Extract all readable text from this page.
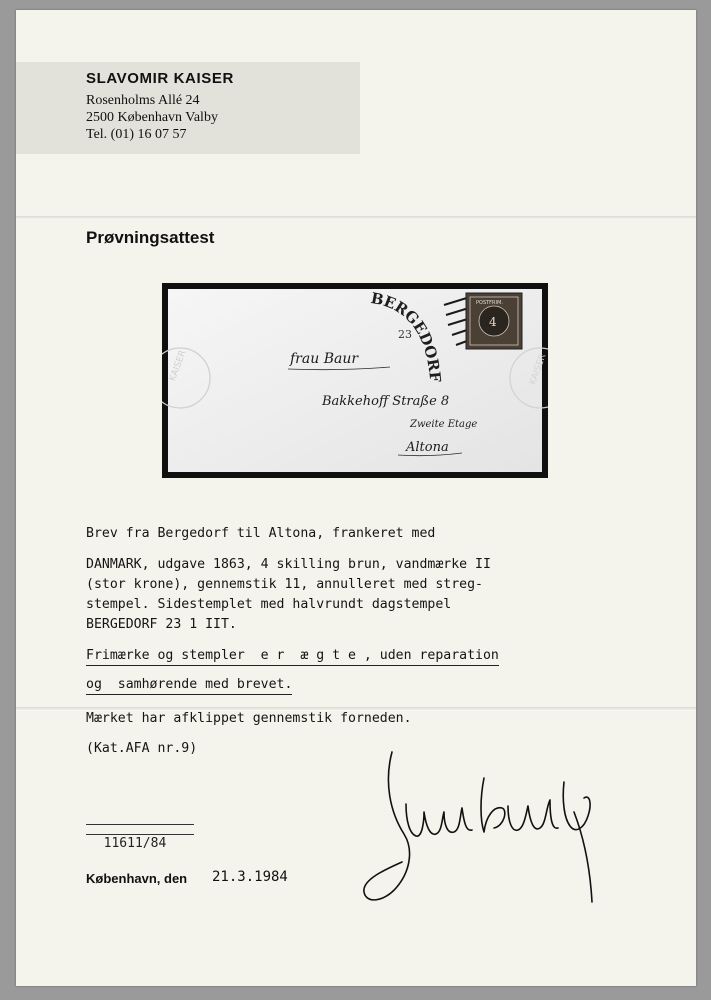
SLAVOMIR KAISER
Rosenholms Allé 24
2500 København Valby
Tel. (01) 16 07 57
Prøvningsattest
KAISER	KAISER
BERGEDORF
23
POSTFRIM.
4
frau Baur
Bakkehoff Straße 8
Zweite Etage
Altona
Brev fra Bergedorf til Altona, frankeret med
DANMARK, udgave 1863, 4 skilling brun, vandmærke II
(stor krone), gennemstik 11, annulleret med streg-
stempel. Sidestemplet med halvrundt dagstempel
BERGEDORF 23 1 IIT.
Frimærke og stempler  e r  æ g t e , uden reparation
og  samhørende med brevet.
Mærket har afklippet gennemstik forneden.
(Kat.AFA nr.9)

11611/84

København, den 21.3.1984
Slavomir Kaiser
